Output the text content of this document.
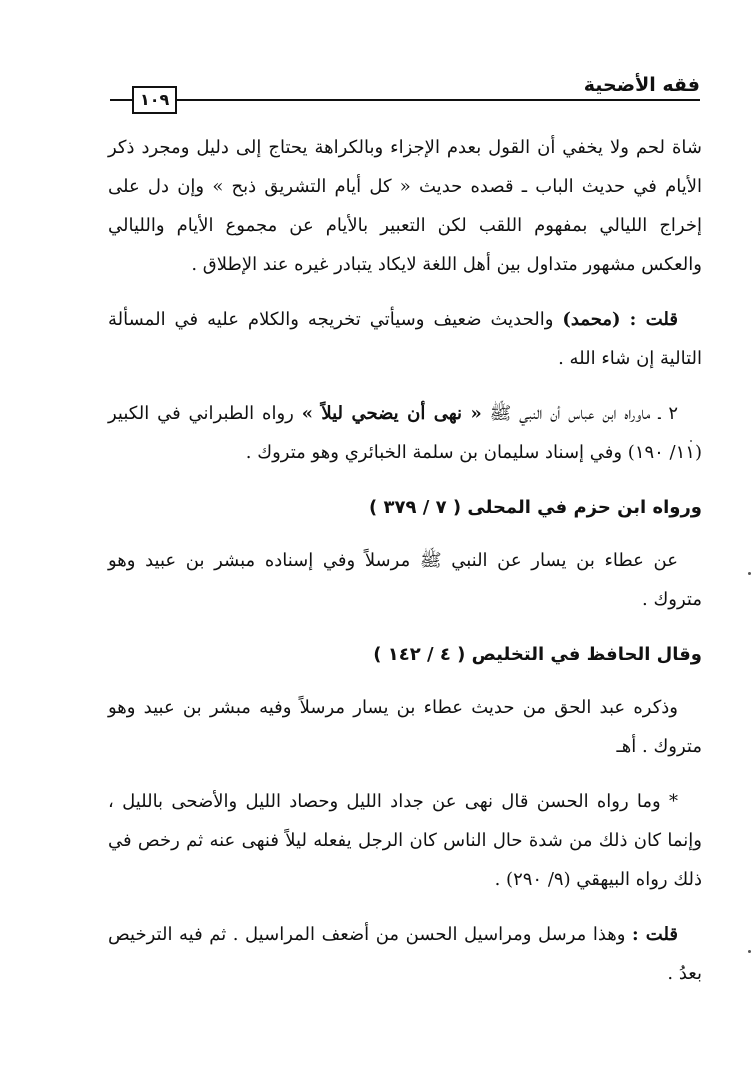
فقه الأضحية
١٠٩

شاة لحم ولا يخفي أن القول بعدم الإجزاء وبالكراهة يحتاج إلى دليل ومجرد ذكر الأيام في حديث الباب ـ قصده حديث « كل أيام التشريق ذبح » وإن دل على إخراج الليالي بمفهوم اللقب لكن التعبير بالأيام عن مجموع الأيام والليالي والعكس مشهور متداول بين أهل اللغة لايكاد يتبادر غيره عند الإطلاق .

قلت : (محمد) والحديث ضعيف وسيأتي تخريجه والكلام عليه في المسألة التالية إن شاء الله .

٢ ـ ماوراه ابن عباس أن النبي ﷺ « نهى أن يضحي ليلاً » رواه الطبراني في الكبير (١١/ ١٩٠) وفي إسناد سليمان بن سلمة الخبائري وهو متروك .

ورواه ابن حزم في المحلى ( ٧ / ٣٧٩ )

عن عطاء بن يسار عن النبي ﷺ مرسلاً وفي إسناده مبشر بن عبيد وهو متروك .

وقال الحافظ في التخليص ( ٤ / ١٤٢ )

وذكره عبد الحق من حديث عطاء بن يسار مرسلاً وفيه مبشر بن عبيد وهو متروك . أهـ

* وما رواه الحسن قال نهى عن جداد الليل وحصاد الليل والأضحى بالليل ، وإنما كان ذلك من شدة حال الناس كان الرجل يفعله ليلاً فنهى عنه ثم رخص في ذلك رواه البيهقي (٩/ ٢٩٠) .

قلت : وهذا مرسل ومراسيل الحسن من أضعف المراسيل . ثم فيه الترخيص بعدُ .
